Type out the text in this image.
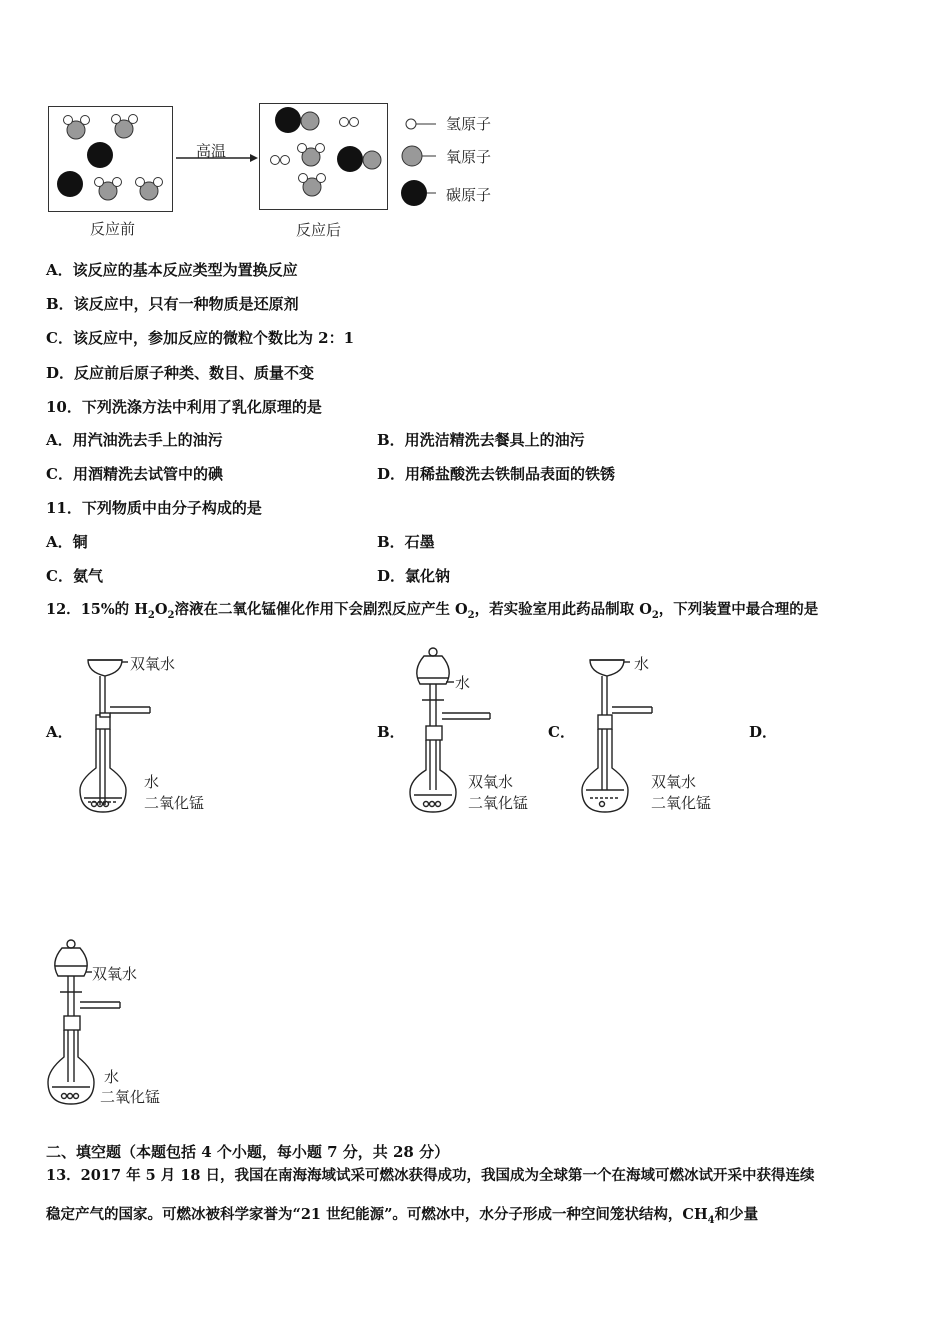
高温
反应前	反应后
氢原子
氧原子
碳原子
A．该反应的基本反应类型为置换反应
B．该反应中，只有一种物质是还原剂
C．该反应中，参加反应的微粒个数比为 2：1
D．反应前后原子种类、数目、质量不变
10．下列洗涤方法中利用了乳化原理的是
A．用汽油洗去手上的油污	B．用洗洁精洗去餐具上的油污
C．用酒精洗去试管中的碘	D．用稀盐酸洗去铁制品表面的铁锈
11．下列物质中由分子构成的是
A．铜	B．石墨
C．氨气	D．氯化钠
12．15%的 $H_2O_2$溶液在二氧化锰催化作用下会剧烈反应产生 $O_2$，若实验室用此药品制取 $O_2$，下列装置中最合理的是
A．	B．	C．	D．
双氧水
水
二氧化锰
水
双氧水
二氧化锰
水
双氧水
二氧化锰
双氧水
水
二氧化锰
二、填空题（本题包括 4 个小题，每小题 7 分，共 28 分）
13．2017 年 5 月 18 日，我国在南海海域试采可燃冰获得成功，我国成为全球第一个在海域可燃冰试开采中获得连续
稳定产气的国家。可燃冰被科学家誉为“21 世纪能源”。可燃冰中，水分子形成一种空间笼状结构，$CH_4$和少量
